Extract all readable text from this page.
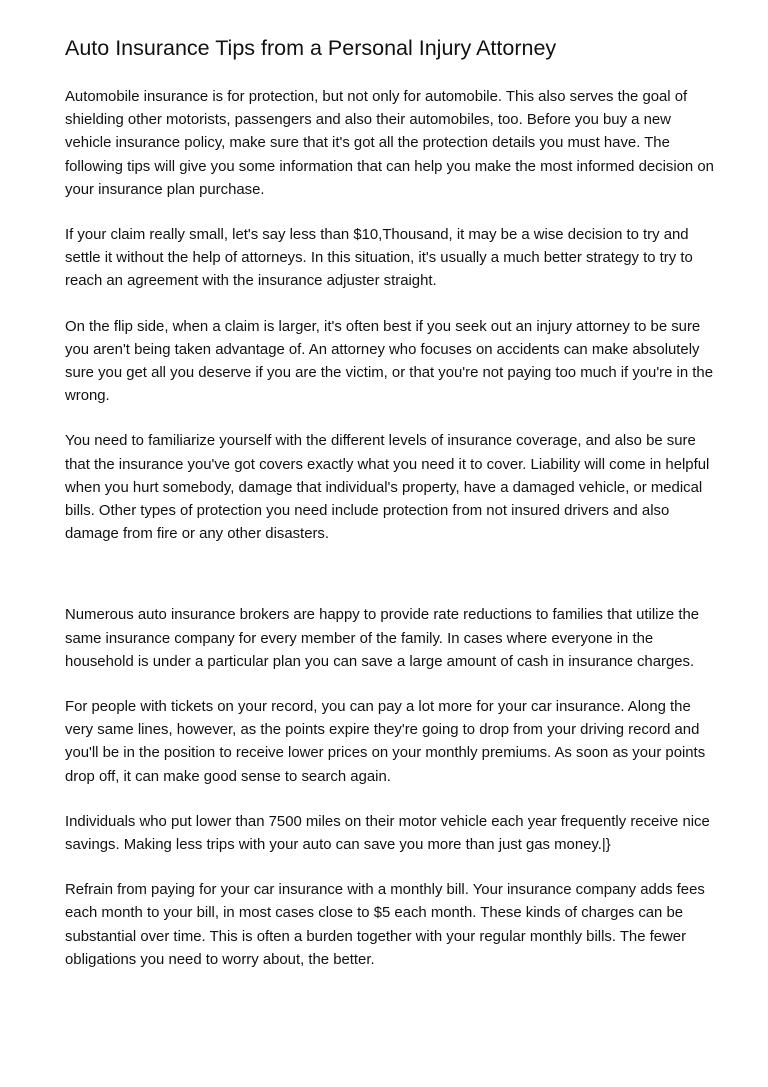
Auto Insurance Tips from a Personal Injury Attorney

Automobile insurance is for protection, but not only for automobile. This also serves the goal of shielding other motorists, passengers and also their automobiles, too. Before you buy a new vehicle insurance policy, make sure that it's got all the protection details you must have. The following tips will give you some information that can help you make the most informed decision on your insurance plan purchase.

If your claim really small, let's say less than $10,Thousand, it may be a wise decision to try and settle it without the help of attorneys. In this situation, it's usually a much better strategy to try to reach an agreement with the insurance adjuster straight.

On the flip side, when a claim is larger, it's often best if you seek out an injury attorney to be sure you aren't being taken advantage of. An attorney who focuses on accidents can make absolutely sure you get all you deserve if you are the victim, or that you're not paying too much if you're in the wrong.

You need to familiarize yourself with the different levels of insurance coverage, and also be sure that the insurance you've got covers exactly what you need it to cover. Liability will come in helpful when you hurt somebody, damage that individual's property, have a damaged vehicle, or medical bills. Other types of protection you need include protection from not insured drivers and also damage from fire or any other disasters.

Numerous auto insurance brokers are happy to provide rate reductions to families that utilize the same insurance company for every member of the family. In cases where everyone in the household is under a particular plan you can save a large amount of cash in insurance charges.

For people with tickets on your record, you can pay a lot more for your car insurance. Along the very same lines, however, as the points expire they're going to drop from your driving record and you'll be in the position to receive lower prices on your monthly premiums. As soon as your points drop off, it can make good sense to search again.

Individuals who put lower than 7500 miles on their motor vehicle each year frequently receive nice savings. Making less trips with your auto can save you more than just gas money.|}

Refrain from paying for your car insurance with a monthly bill. Your insurance company adds fees each month to your bill, in most cases close to $5 each month. These kinds of charges can be substantial over time. This is often a burden together with your regular monthly bills. The fewer obligations you need to worry about, the better.
